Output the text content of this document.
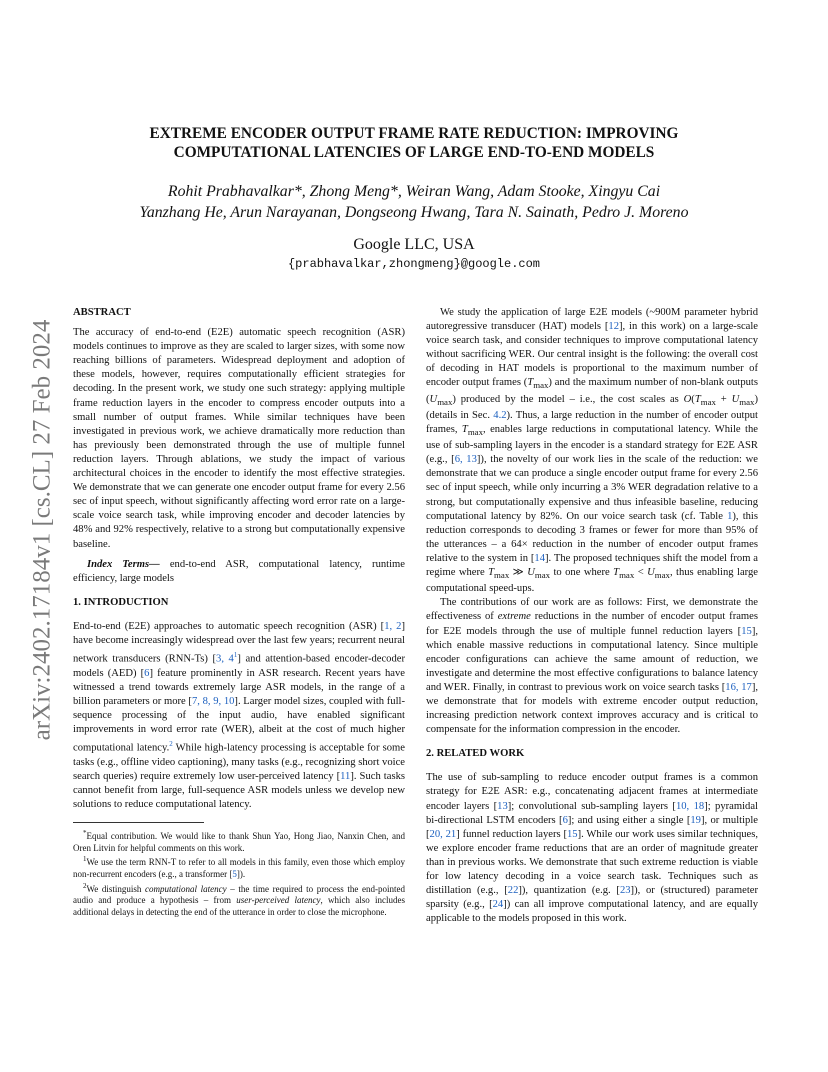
arXiv:2402.17184v1 [cs.CL] 27 Feb 2024
EXTREME ENCODER OUTPUT FRAME RATE REDUCTION: IMPROVING
COMPUTATIONAL LATENCIES OF LARGE END-TO-END MODELS
Rohit Prabhavalkar*, Zhong Meng*, Weiran Wang, Adam Stooke, Xingyu Cai
Yanzhang He, Arun Narayanan, Dongseong Hwang, Tara N. Sainath, Pedro J. Moreno
Google LLC, USA
{prabhavalkar,zhongmeng}@google.com

ABSTRACT

The accuracy of end-to-end (E2E) automatic speech recognition (ASR) models continues to improve as they are scaled to larger sizes, with some now reaching billions of parameters. Widespread deployment and adoption of these models, however, requires computationally efficient strategies for decoding. In the present work, we study one such strategy: applying multiple frame reduction layers in the encoder to compress encoder outputs into a small number of output frames. While similar techniques have been investigated in previous work, we achieve dramatically more reduction than has previously been demonstrated through the use of multiple funnel reduction layers. Through ablations, we study the impact of various architectural choices in the encoder to identify the most effective strategies. We demonstrate that we can generate one encoder output frame for every 2.56 sec of input speech, without significantly affecting word error rate on a large-scale voice search task, while improving encoder and decoder latencies by 48% and 92% respectively, relative to a strong but computationally expensive baseline.

Index Terms— end-to-end ASR, computational latency, runtime efficiency, large models

1. INTRODUCTION

End-to-end (E2E) approaches to automatic speech recognition (ASR) [1, 2] have become increasingly widespread over the last few years; recurrent neural network transducers (RNN-Ts) [3, 4$^1$] and attention-based encoder-decoder models (AED) [6] feature prominently in ASR research. Recent years have witnessed a trend towards extremely large ASR models, in the range of a billion parameters or more [7, 8, 9, 10]. Larger model sizes, coupled with full-sequence processing of the input audio, have enabled significant improvements in word error rate (WER), albeit at the cost of much higher computational latency.$^2$ While high-latency processing is acceptable for some tasks (e.g., offline video captioning), many tasks (e.g., recognizing short voice search queries) require extremely low user-perceived latency [11]. Such tasks cannot benefit from large, full-sequence ASR models unless we develop new solutions to reduce computational latency.

*Equal contribution. We would like to thank Shun Yao, Hong Jiao, Nanxin Chen, and Oren Litvin for helpful comments on this work.

$^1$We use the term RNN-T to refer to all models in this family, even those which employ non-recurrent encoders (e.g., a transformer [5]).

$^2$We distinguish computational latency – the time required to process the end-pointed audio and produce a hypothesis – from user-perceived latency, which also includes additional delays in detecting the end of the utterance in order to close the microphone.

We study the application of large E2E models (~900M parameter hybrid autoregressive transducer (HAT) models [12], in this work) on a large-scale voice search task, and consider techniques to improve computational latency without sacrificing WER. Our central insight is the following: the overall cost of decoding in HAT models is proportional to the maximum number of encoder output frames $(T_{max})$ and the maximum number of non-blank outputs $(U_{max})$ produced by the model – i.e., the cost scales as $O(T_{max} + U_{max})$ (details in Sec. 4.2). Thus, a large reduction in the number of encoder output frames, $T_{max}$, enables large reductions in computational latency. While the use of sub-sampling layers in the encoder is a standard strategy for E2E ASR (e.g., [6, 13]), the novelty of our work lies in the scale of the reduction: we demonstrate that we can produce a single encoder output frame for every 2.56 sec of input speech, while only incurring a 3% WER degradation relative to a strong, but computationally expensive and thus infeasible baseline, reducing computational latency by 82%. On our voice search task (cf. Table 1), this reduction corresponds to decoding 3 frames or fewer for more than 95% of the utterances – a 64× reduction in the number of encoder output frames relative to the system in [14]. The proposed techniques shift the model from a regime where $T_{max}$ ≫ $U_{max}$ to one where $T_{max} < U_{max}$, thus enabling large computational speed-ups.

The contributions of our work are as follows: First, we demonstrate the effectiveness of extreme reductions in the number of encoder output frames for E2E models through the use of multiple funnel reduction layers [15], which enable massive reductions in computational latency. Since multiple encoder configurations can achieve the same amount of reduction, we investigate and determine the most effective configurations to balance latency and WER. Finally, in contrast to previous work on voice search tasks [16, 17], we demonstrate that for models with extreme encoder output reduction, increasing prediction network context improves accuracy and is critical to compensate for the information compression in the encoder.

2. RELATED WORK

The use of sub-sampling to reduce encoder output frames is a common strategy for E2E ASR: e.g., concatenating adjacent frames at intermediate encoder layers [13]; convolutional sub-sampling layers [10, 18]; pyramidal bi-directional LSTM encoders [6]; and using either a single [19], or multiple [20, 21] funnel reduction layers [15]. While our work uses similar techniques, we explore encoder frame reductions that are an order of magnitude greater than in previous works. We demonstrate that such extreme reduction is viable for low latency decoding in a voice search task. Techniques such as distillation (e.g., [22]), quantization (e.g. [23]), or (structured) parameter sparsity (e.g., [24]) can all improve computational latency, and are equally applicable to the models proposed in this work.
